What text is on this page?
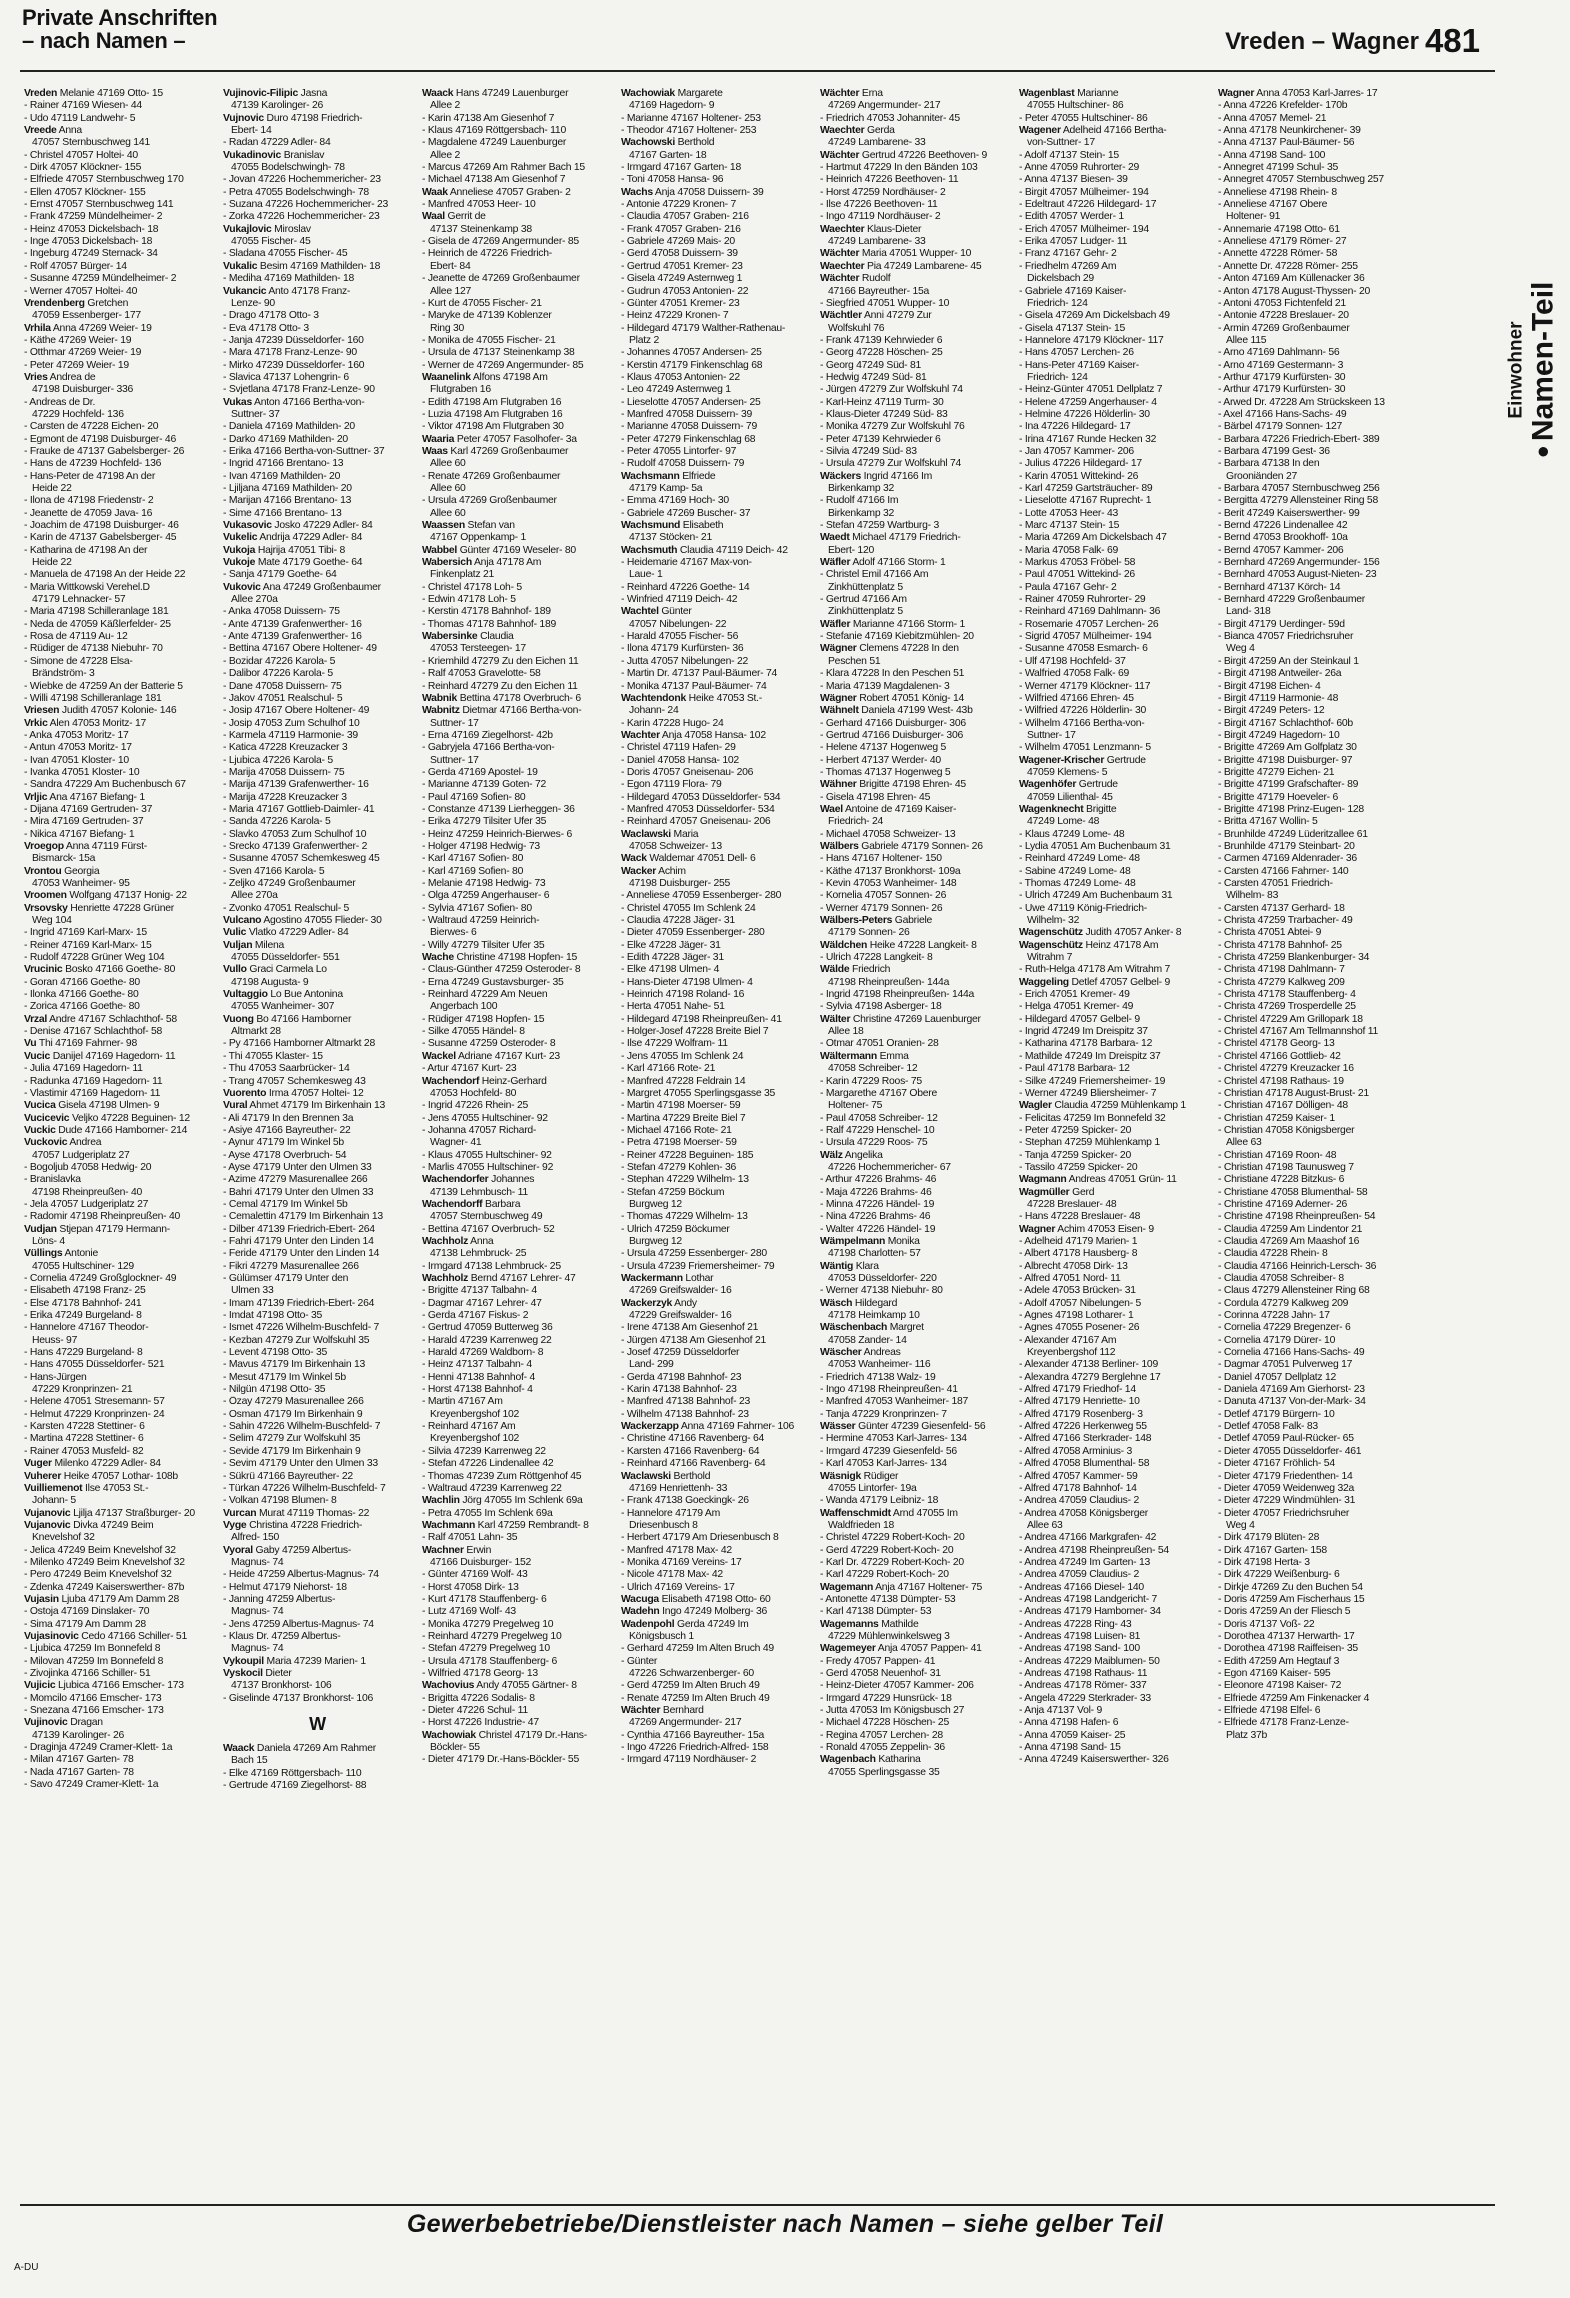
Private Anschriften
– nach Namen –	Vreden – Wagner 481
Einwohner
●Namen-Teil
Vreden Melanie 47169 Otto- 15
- Rainer 47169 Wiesen- 44
- Udo 47119 Landwehr- 5
Vreede Anna
47057 Sternbuschweg 141
- Christel 47057 Holtei- 40
- Dirk 47057 Klöckner- 155
- Elfriede 47057 Sternbuschweg 170
- Ellen 47057 Klöckner- 155
- Ernst 47057 Sternbuschweg 141
- Frank 47259 Mündelheimer- 2
- Heinz 47053 Dickelsbach- 18
- Inge 47053 Dickelsbach- 18
- Ingeburg 47249 Sternack- 34
- Rolf 47057 Bürger- 14
- Susanne 47259 Mündelheimer- 2
- Werner 47057 Holtei- 40
Vrendenberg Gretchen
47059 Essenberger- 177
Vrhila Anna 47269 Weier- 19
- Käthe 47269 Weier- 19
- Otthmar 47269 Weier- 19
- Peter 47269 Weier- 19
Vries Andrea de
47198 Duisburger- 336
- Andreas de Dr.
47229 Hochfeld- 136
- Carsten de 47228 Eichen- 20
- Egmont de 47198 Duisburger- 46
- Frauke de 47137 Gabelsberger- 26
- Hans de 47239 Hochfeld- 136
- Hans-Peter de 47198 An der
Heide 22
- Ilona de 47198 Friedenstr- 2
- Jeanette de 47059 Java- 16
- Joachim de 47198 Duisburger- 46
- Karin de 47137 Gabelsberger- 45
- Katharina de 47198 An der
Heide 22
- Manuela de 47198 An der Heide 22
- Maria Wittkowski Verehel.D
47179 Lehnacker- 57
- Maria 47198 Schilleranlage 181
- Neda de 47059 Käßlerfelder- 25
- Rosa de 47119 Au- 12
- Rüdiger de 47138 Niebuhr- 70
- Simone de 47228 Elsa-
Brändström- 3
- Wiebke de 47259 An der Batterie 5
- Willi 47198 Schilleranlage 181
Vriesen Judith 47057 Kolonie- 146
Vrkic Alen 47053 Moritz- 17
- Anka 47053 Moritz- 17
- Antun 47053 Moritz- 17
- Ivan 47051 Kloster- 10
- Ivanka 47051 Kloster- 10
- Sandra 47229 Am Buchenbusch 67
Vrljic Ana 47167 Biefang- 1
- Dijana 47169 Gertruden- 37
- Mira 47169 Gertruden- 37
- Nikica 47167 Biefang- 1
Vroegop Anna 47119 Fürst-
Bismarck- 15a
Vrontou Georgia
47053 Wanheimer- 95
Vroomen Wolfgang 47137 Honig- 22
Vrsovsky Henriette 47228 Grüner
Weg 104
- Ingrid 47169 Karl-Marx- 15
- Reiner 47169 Karl-Marx- 15
- Rudolf 47228 Grüner Weg 104
Vrucinic Bosko 47166 Goethe- 80
- Goran 47166 Goethe- 80
- Ilonka 47166 Goethe- 80
- Zorica 47166 Goethe- 80
Vrzal Andre 47167 Schlachthof- 58
- Denise 47167 Schlachthof- 58
Vu Thi 47169 Fahrner- 98
Vucic Danijel 47169 Hagedorn- 11
- Julia 47169 Hagedorn- 11
- Radunka 47169 Hagedorn- 11
- Vlastimir 47169 Hagedorn- 11
Vucica Gisela 47198 Ulmen- 9
Vucicevic Veljko 47228 Beguinen- 12
Vuckic Dude 47166 Hamborner- 214
Vuckovic Andrea
47057 Ludgeriplatz 27
- Bogoljub 47058 Hedwig- 20
- Branislavka
47198 Rheinpreußen- 40
- Jela 47057 Ludgeriplatz 27
- Radomir 47198 Rheinpreußen- 40
Vudjan Stjepan 47179 Hermann-
Löns- 4
Vüllings Antonie
47055 Hultschiner- 129
- Cornelia 47249 Großglockner- 49
- Elisabeth 47198 Franz- 25
- Else 47178 Bahnhof- 241
- Erika 47249 Burgeland- 8
- Hannelore 47167 Theodor-
Heuss- 97
- Hans 47229 Burgeland- 8
- Hans 47055 Düsseldorfer- 521
- Hans-Jürgen
47229 Kronprinzen- 21
- Helene 47051 Stresemann- 57
- Helmut 47229 Kronprinzen- 24
- Karsten 47228 Stettiner- 6
- Martina 47228 Stettiner- 6
- Rainer 47053 Musfeld- 82
Vuger Milenko 47229 Adler- 84
Vuherer Heike 47057 Lothar- 108b
Vuilliemenot Ilse 47053 St.-
Johann- 5
Vujanovic Ljilja 47137 Straßburger- 20
Vujanovic Divka 47249 Beim
Knevelshof 32
- Jelica 47249 Beim Knevelshof 32
- Milenko 47249 Beim Knevelshof 32
- Pero 47249 Beim Knevelshof 32
- Zdenka 47249 Kaiserswerther- 87b
Vujasin Ljuba 47179 Am Damm 28
- Ostoja 47169 Dinslaker- 70
- Sima 47179 Am Damm 28
Vujasinovic Cedo 47166 Schiller- 51
- Ljubica 47259 Im Bonnefeld 8
- Milovan 47259 Im Bonnefeld 8
- Zivojinka 47166 Schiller- 51
Vujicic Ljubica 47166 Emscher- 173
- Momcilo 47166 Emscher- 173
- Snezana 47166 Emscher- 173
Vujinovic Dragan
47139 Karolinger- 26
- Draginja 47249 Cramer-Klett- 1a
- Milan 47167 Garten- 78
- Nada 47167 Garten- 78
- Savo 47249 Cramer-Klett- 1a
Vujinovic-Filipic Jasna
47139 Karolinger- 26
Vujnovic Duro 47198 Friedrich-
Ebert- 14
- Radan 47229 Adler- 84
Vukadinovic Branislav
47055 Bodelschwingh- 78
- Jovan 47226 Hochemmericher- 23
- Petra 47055 Bodelschwingh- 78
- Suzana 47226 Hochemmericher- 23
- Zorka 47226 Hochemmericher- 23
Vukajlovic Miroslav
47055 Fischer- 45
- Sladana 47055 Fischer- 45
Vukalic Besim 47169 Mathilden- 18
- Mediha 47169 Mathilden- 18
Vukancic Anto 47178 Franz-
Lenze- 90
- Drago 47178 Otto- 3
- Eva 47178 Otto- 3
- Janja 47239 Düsseldorfer- 160
- Mara 47178 Franz-Lenze- 90
- Mirko 47239 Düsseldorfer- 160
- Slavica 47137 Lohengrin- 6
- Svjetlana 47178 Franz-Lenze- 90
Vukas Anton 47166 Bertha-von-
Suttner- 37
- Daniela 47169 Mathilden- 20
- Darko 47169 Mathilden- 20
- Erika 47166 Bertha-von-Suttner- 37
- Ingrid 47166 Brentano- 13
- Ivan 47169 Mathilden- 20
- Ljiljana 47169 Mathilden- 20
- Marijan 47166 Brentano- 13
- Sime 47166 Brentano- 13
Vukasovic Josko 47229 Adler- 84
Vukelic Andrija 47229 Adler- 84
Vukoja Hajrija 47051 Tibi- 8
Vukoje Mate 47179 Goethe- 64
- Sanja 47179 Goethe- 64
Vukovic Ana 47249 Großenbaumer
Allee 270a
- Anka 47058 Duissern- 75
- Ante 47139 Grafenwerther- 16
- Ante 47139 Grafenwerther- 16
- Bettina 47167 Obere Holtener- 49
- Bozidar 47226 Karola- 5
- Dalibor 47226 Karola- 5
- Dane 47058 Duissern- 75
- Jakov 47051 Realschul- 5
- Josip 47167 Obere Holtener- 49
- Josip 47053 Zum Schulhof 10
- Karmela 47119 Harmonie- 39
- Katica 47228 Kreuzacker 3
- Ljubica 47226 Karola- 5
- Marija 47058 Duissern- 75
- Marija 47139 Grafenwerther- 16
- Marija 47228 Kreuzacker 3
- Maria 47167 Gottlieb-Daimler- 41
- Sanda 47226 Karola- 5
- Slavko 47053 Zum Schulhof 10
- Srecko 47139 Grafenwerther- 2
- Susanne 47057 Schemkesweg 45
- Sven 47166 Karola- 5
- Zeljko 47249 Großenbaumer
Allee 270a
- Zvonko 47051 Realschul- 5
Vulcano Agostino 47055 Flieder- 30
Vulic Vlatko 47229 Adler- 84
Vuljan Milena
47055 Düsseldorfer- 551
Vullo Graci Carmela Lo
47198 Augusta- 9
Vultaggio Lo Bue Antonina
47055 Wanheimer- 307
Vuong Bo 47166 Hamborner
Altmarkt 28
- Py 47166 Hamborner Altmarkt 28
- Thi 47055 Klaster- 15
- Thu 47053 Saarbrücker- 14
- Trang 47057 Schemkesweg 43
Vuorento Irma 47057 Holtei- 12
Vural Ahmet 47179 Im Birkenhain 13
- Ali 47179 In den Brennen 3a
- Asiye 47166 Bayreuther- 22
- Aynur 47179 Im Winkel 5b
- Ayse 47178 Overbruch- 54
- Ayse 47179 Unter den Ulmen 33
- Azime 47279 Masurenallee 266
- Bahri 47179 Unter den Ulmen 33
- Cemal 47179 Im Winkel 5b
- Cemalettin 47179 Im Birkenhain 13
- Dilber 47139 Friedrich-Ebert- 264
- Fahri 47179 Unter den Linden 14
- Feride 47179 Unter den Linden 14
- Fikri 47279 Masurenallee 266
- Gülümser 47179 Unter den
Ulmen 33
- Imam 47139 Friedrich-Ebert- 264
- Imdat 47198 Otto- 35
- Ismet 47226 Wilhelm-Buschfeld- 7
- Kezban 47279 Zur Wolfskuhl 35
- Levent 47198 Otto- 35
- Mavus 47179 Im Birkenhain 13
- Mesut 47179 Im Winkel 5b
- Nilgün 47198 Otto- 35
- Özay 47279 Masurenallee 266
- Osman 47179 Im Birkenhain 9
- Sahin 47226 Wilhelm-Buschfeld- 7
- Selim 47279 Zur Wolfskuhl 35
- Sevide 47179 Im Birkenhain 9
- Sevim 47179 Unter den Ulmen 33
- Sükrü 47166 Bayreuther- 22
- Türkan 47226 Wilhelm-Buschfeld- 7
- Volkan 47198 Blumen- 8
Vurcan Murat 47119 Thomas- 22
Vyge Christina 47228 Friedrich-
Alfred- 150
Vyoral Gaby 47259 Albertus-
Magnus- 74
- Heide 47259 Albertus-Magnus- 74
- Helmut 47179 Niehorst- 18
- Janning 47259 Albertus-
Magnus- 74
- Jens 47259 Albertus-Magnus- 74
- Klaus Dr. 47259 Albertus-
Magnus- 74
Vykoupil Maria 47239 Marien- 1
Vyskocil Dieter
47137 Bronkhorst- 106
- Giselinde 47137 Bronkhorst- 106
W
Waack Daniela 47269 Am Rahmer
Bach 15
- Elke 47169 Röttgersbach- 110
- Gertrude 47169 Ziegelhorst- 88
Waack Hans 47249 Lauenburger
Allee 2
- Karin 47138 Am Giesenhof 7
- Klaus 47169 Röttgersbach- 110
- Magdalene 47249 Lauenburger
Allee 2
- Marcus 47269 Am Rahmer Bach 15
- Michael 47138 Am Giesenhof 7
Waak Anneliese 47057 Graben- 2
- Manfred 47053 Heer- 10
Waal Gerrit de
47137 Steinenkamp 38
- Gisela de 47269 Angermunder- 85
- Heinrich de 47226 Friedrich-
Ebert- 84
- Jeanette de 47269 Großenbaumer
Allee 127
- Kurt de 47055 Fischer- 21
- Maryke de 47139 Koblenzer
Ring 30
- Monika de 47055 Fischer- 21
- Ursula de 47137 Steinenkamp 38
- Werner de 47269 Angermunder- 85
Waanelink Alfons 47198 Am
Flutgraben 16
- Edith 47198 Am Flutgraben 16
- Luzia 47198 Am Flutgraben 16
- Viktor 47198 Am Flutgraben 30
Waaria Peter 47057 Fasolhofer- 3a
Waas Karl 47269 Großenbaumer
Allee 60
- Renate 47269 Großenbaumer
Allee 60
- Ursula 47269 Großenbaumer
Allee 60
Waassen Stefan van
47167 Oppenkamp- 1
Wabbel Günter 47169 Weseler- 80
Wabersich Anja 47178 Am
Finkenplatz 21
- Christel 47178 Loh- 5
- Edwin 47178 Loh- 5
- Kerstin 47178 Bahnhof- 189
- Thomas 47178 Bahnhof- 189
Wabersinke Claudia
47053 Tersteegen- 17
- Kriemhild 47279 Zu den Eichen 11
- Ralf 47053 Gravelotte- 58
- Reinhard 47279 Zu den Eichen 11
Wabnik Bettina 47178 Overbruch- 6
Wabnitz Dietmar 47166 Bertha-von-
Suttner- 17
- Erna 47169 Ziegelhorst- 42b
- Gabryjela 47166 Bertha-von-
Suttner- 17
- Gerda 47169 Apostel- 19
- Marianne 47139 Goten- 72
- Paul 47169 Sofien- 80
- Constanze 47139 Lierheggen- 36
- Erika 47279 Tilsiter Ufer 35
- Heinz 47259 Heinrich-Bierwes- 6
- Holger 47198 Hedwig- 73
- Karl 47167 Sofien- 80
- Karl 47169 Sofien- 80
- Melanie 47198 Hedwig- 73
- Olga 47259 Angerhauser- 6
- Sylvia 47167 Sofien- 80
- Waltraud 47259 Heinrich-
Bierwes- 6
- Willy 47279 Tilsiter Ufer 35
Wache Christine 47198 Hopfen- 15
- Claus-Günther 47259 Osteroder- 8
- Erna 47249 Gustavsburger- 35
- Reinhard 47229 Am Neuen
Angerbach 100
- Rüdiger 47198 Hopfen- 15
- Silke 47055 Händel- 8
- Susanne 47259 Osteroder- 8
Wackel Adriane 47167 Kurt- 23
- Artur 47167 Kurt- 23
Wachendorf Heinz-Gerhard
47053 Hochfeld- 80
- Ingrid 47226 Rhein- 25
- Jens 47055 Hultschiner- 92
- Johanna 47057 Richard-
Wagner- 41
- Klaus 47055 Hultschiner- 92
- Marlis 47055 Hultschiner- 92
Wachendorfer Johannes
47139 Lehmbusch- 11
Wachendorff Barbara
47057 Sternbuschweg 49
- Bettina 47167 Overbruch- 52
Wachholz Anna
47138 Lehmbruck- 25
- Irmgard 47138 Lehmbruck- 25
Wachholz Bernd 47167 Lehrer- 47
- Brigitte 47137 Talbahn- 4
- Dagmar 47167 Lehrer- 47
- Gerda 47167 Fiskus- 2
- Gertrud 47059 Butterweg 36
- Harald 47239 Karrenweg 22
- Harald 47269 Waldborn- 8
- Heinz 47137 Talbahn- 4
- Henni 47138 Bahnhof- 4
- Horst 47138 Bahnhof- 4
- Martin 47167 Am
Kreyenbergshof 102
- Reinhard 47167 Am
Kreyenbergshof 102
- Silvia 47239 Karrenweg 22
- Stefan 47226 Lindenallee 42
- Thomas 47239 Zum Röttgenhof 45
- Waltraud 47239 Karrenweg 22
Wachlin Jörg 47055 Im Schlenk 69a
- Petra 47055 Im Schlenk 69a
Wachmann Karl 47259 Rembrandt- 8
- Ralf 47051 Lahn- 35
Wachner Erwin
47166 Duisburger- 152
- Günter 47169 Wolf- 43
- Horst 47058 Dirk- 13
- Kurt 47178 Stauffenberg- 6
- Lutz 47169 Wolf- 43
- Monika 47279 Pregelweg 10
- Reinhard 47279 Pregelweg 10
- Stefan 47279 Pregelweg 10
- Ursula 47178 Stauffenberg- 6
- Wilfried 47178 Georg- 13
Wachovius Andy 47055 Gärtner- 8
- Brigitta 47226 Sodalis- 8
- Dieter 47226 Schul- 11
- Horst 47226 Industrie- 47
Wachowiak Christel 47179 Dr.-Hans-
Böckler- 55
- Dieter 47179 Dr.-Hans-Böckler- 55
Wachowiak Margarete
47169 Hagedorn- 9
- Marianne 47167 Holtener- 253
- Theodor 47167 Holtener- 253
Wachowski Berthold
47167 Garten- 18
- Irmgard 47167 Garten- 18
- Toni 47058 Hansa- 96
Wachs Anja 47058 Duissern- 39
- Antonie 47229 Kronen- 7
- Claudia 47057 Graben- 216
- Frank 47057 Graben- 216
- Gabriele 47269 Mais- 20
- Gerd 47058 Duissern- 39
- Gertrud 47051 Kremer- 23
- Gisela 47249 Asternweg 1
- Gudrun 47053 Antonien- 22
- Günter 47051 Kremer- 23
- Heinz 47229 Kronen- 7
- Hildegard 47179 Walther-Rathenau-
Platz 2
- Johannes 47057 Andersen- 25
- Kerstin 47179 Finkenschlag 68
- Klaus 47053 Antonien- 22
- Leo 47249 Asternweg 1
- Lieselotte 47057 Andersen- 25
- Manfred 47058 Duissern- 39
- Marianne 47058 Duissern- 79
- Peter 47279 Finkenschlag 68
- Peter 47055 Lintorfer- 97
- Rudolf 47058 Duissern- 79
Wachsmann Elfriede
47179 Kamp- 5a
- Emma 47169 Hoch- 30
- Gabriele 47269 Buscher- 37
Wachsmund Elisabeth
47137 Stöcken- 21
Wachsmuth Claudia 47119 Deich- 42
- Heidemarie 47167 Max-von-
Laue- 1
- Reinhard 47226 Goethe- 14
- Winfried 47119 Deich- 42
Wachtel Günter
47057 Nibelungen- 22
- Harald 47055 Fischer- 56
- Ilona 47179 Kurfürsten- 36
- Jutta 47057 Nibelungen- 22
- Martin Dr. 47137 Paul-Bäumer- 74
- Monika 47137 Paul-Bäumer- 74
Wachtendonk Heike 47053 St.-
Johann- 24
- Karin 47228 Hugo- 24
Wachter Anja 47058 Hansa- 102
- Christel 47119 Hafen- 29
- Daniel 47058 Hansa- 102
- Doris 47057 Gneisenau- 206
- Egon 47119 Flora- 79
- Hildegard 47053 Düsseldorfer- 534
- Manfred 47053 Düsseldorfer- 534
- Reinhard 47057 Gneisenau- 206
Waclawski Maria
47058 Schweizer- 13
Wack Waldemar 47051 Dell- 6
Wacker Achim
47198 Duisburger- 255
- Anneliese 47059 Essenberger- 280
- Christel 47055 Im Schlenk 24
- Claudia 47228 Jäger- 31
- Dieter 47059 Essenberger- 280
- Elke 47228 Jäger- 31
- Edith 47228 Jäger- 31
- Elke 47198 Ulmen- 4
- Hans-Dieter 47198 Ulmen- 4
- Heinrich 47198 Roland- 16
- Herta 47051 Nahe- 51
- Hildegard 47198 Rheinpreußen- 41
- Holger-Josef 47228 Breite Biel 7
- Ilse 47229 Wolfram- 11
- Jens 47055 Im Schlenk 24
- Karl 47166 Rote- 21
- Manfred 47228 Feldrain 14
- Margret 47055 Sperlingsgasse 35
- Martin 47198 Moerser- 59
- Martina 47229 Breite Biel 7
- Michael 47166 Rote- 21
- Petra 47198 Moerser- 59
- Reiner 47228 Beguinen- 185
- Stefan 47279 Kohlen- 36
- Stephan 47229 Wilhelm- 13
- Stefan 47259 Böckum
Burgweg 12
- Thomas 47229 Wilhelm- 13
- Ulrich 47259 Böckumer
Burgweg 12
- Ursula 47259 Essenberger- 280
- Ursula 47239 Friemersheimer- 79
Wackermann Lothar
47269 Greifswalder- 16
Wackerzyk Andy
47229 Greifswalder- 16
- Irene 47138 Am Giesenhof 21
- Jürgen 47138 Am Giesenhof 21
- Josef 47259 Düsseldorfer
Land- 299
- Gerda 47198 Bahnhof- 23
- Karin 47138 Bahnhof- 23
- Manfred 47138 Bahnhof- 23
- Wilhelm 47138 Bahnhof- 23
Wackerzapp Anna 47169 Fahrner- 106
- Christine 47166 Ravenberg- 64
- Karsten 47166 Ravenberg- 64
- Reinhard 47166 Ravenberg- 64
Waclawski Berthold
47169 Henriettenh- 33
- Frank 47138 Goeckingk- 26
- Hannelore 47179 Am
Driesenbusch 8
- Herbert 47179 Am Driesenbusch 8
- Manfred 47178 Max- 42
- Monika 47169 Vereins- 17
- Nicole 47178 Max- 42
- Ulrich 47169 Vereins- 17
Wacuga Elisabeth 47198 Otto- 60
Wadehn Ingo 47249 Molberg- 36
Wadenpohl Gerda 47249 Im
Königsbusch 1
- Gerhard 47259 Im Alten Bruch 49
- Günter
47226 Schwarzenberger- 60
- Gerd 47259 Im Alten Bruch 49
- Renate 47259 Im Alten Bruch 49
Wächter Bernhard
47269 Angermunder- 217
- Cynthia 47166 Bayreuther- 15a
- Ingo 47226 Friedrich-Alfred- 158
- Irmgard 47119 Nordhäuser- 2
Wächter Erna
47269 Angermunder- 217
- Friedrich 47053 Johanniter- 45
Waechter Gerda
47249 Lambarene- 33
Wächter Gertrud 47226 Beethoven- 9
- Hartmut 47229 In den Bänden 103
- Heinrich 47226 Beethoven- 11
- Horst 47259 Nordhäuser- 2
- Ilse 47226 Beethoven- 11
- Ingo 47119 Nordhäuser- 2
Waechter Klaus-Dieter
47249 Lambarene- 33
Wächter Maria 47051 Wupper- 10
Waechter Pia 47249 Lambarene- 45
Wächter Rudolf
47166 Bayreuther- 15a
- Siegfried 47051 Wupper- 10
Wächtler Anni 47279 Zur
Wolfskuhl 76
- Frank 47139 Kehrwieder 6
- Georg 47228 Höschen- 25
- Georg 47249 Süd- 81
- Hedwig 47249 Süd- 81
- Jürgen 47279 Zur Wolfskuhl 74
- Karl-Heinz 47119 Turm- 30
- Klaus-Dieter 47249 Süd- 83
- Monika 47279 Zur Wolfskuhl 76
- Peter 47139 Kehrwieder 6
- Silvia 47249 Süd- 83
- Ursula 47279 Zur Wolfskuhl 74
Wäckers Ingrid 47166 Im
Birkenkamp 32
- Rudolf 47166 Im
Birkenkamp 32
- Stefan 47259 Wartburg- 3
Waedt Michael 47179 Friedrich-
Ebert- 120
Wäfler Adolf 47166 Storm- 1
- Christel Emil 47166 Am
Zinkhüttenplatz 5
- Gertrud 47166 Am
Zinkhüttenplatz 5
Wäfler Marianne 47166 Storm- 1
- Stefanie 47169 Kiebitzmühlen- 20
Wägner Clemens 47228 In den
Peschen 51
- Klara 47228 In den Peschen 51
- Maria 47139 Magdalenen- 3
Wägner Robert 47051 König- 14
Wähnelt Daniela 47199 West- 43b
- Gerhard 47166 Duisburger- 306
- Gertrud 47166 Duisburger- 306
- Helene 47137 Hogenweg 5
- Herbert 47137 Werder- 40
- Thomas 47137 Hogenweg 5
Wähner Brigitte 47198 Ehren- 45
- Gisela 47198 Ehren- 45
Wael Antoine de 47169 Kaiser-
Friedrich- 24
- Michael 47058 Schweizer- 13
Wälbers Gabriele 47179 Sonnen- 26
- Hans 47167 Holtener- 150
- Käthe 47137 Bronkhorst- 109a
- Kevin 47053 Wanheimer- 148
- Kornelia 47057 Sonnen- 26
- Werner 47179 Sonnen- 26
Wälbers-Peters Gabriele
47179 Sonnen- 26
Wäldchen Heike 47228 Langkeit- 8
- Ulrich 47228 Langkeit- 8
Wälde Friedrich
47198 Rheinpreußen- 144a
- Ingrid 47198 Rheinpreußen- 144a
- Sylvia 47198 Asberger- 18
Wälter Christine 47269 Lauenburger
Allee 18
- Otmar 47051 Oranien- 28
Wältermann Emma
47058 Schreiber- 12
- Karin 47229 Roos- 75
- Margarethe 47167 Obere
Holtener- 75
- Paul 47058 Schreiber- 12
- Ralf 47229 Henschel- 10
- Ursula 47229 Roos- 75
Wälz Angelika
47226 Hochemmericher- 67
- Arthur 47226 Brahms- 46
- Maja 47226 Brahms- 46
- Minna 47226 Händel- 19
- Nina 47226 Brahms- 46
- Walter 47226 Händel- 19
Wämpelmann Monika
47198 Charlotten- 57
Wäntig Klara
47053 Düsseldorfer- 220
- Werner 47138 Niebuhr- 80
Wäsch Hildegard
47178 Heimkamp 10
Wäschenbach Margret
47058 Zander- 14
Wäscher Andreas
47053 Wanheimer- 116
- Friedrich 47138 Walz- 19
- Ingo 47198 Rheinpreußen- 41
- Manfred 47053 Wanheimer- 187
- Tanja 47229 Kronprinzen- 7
Wässer Günter 47239 Giesenfeld- 56
- Hermine 47053 Karl-Jarres- 134
- Irmgard 47239 Giesenfeld- 56
- Karl 47053 Karl-Jarres- 134
Wäsnigk Rüdiger
47055 Lintorfer- 19a
- Wanda 47179 Leibniz- 18
Waffenschmidt Arnd 47055 Im
Waldfrieden 18
- Christel 47229 Robert-Koch- 20
- Gerd 47229 Robert-Koch- 20
- Karl Dr. 47229 Robert-Koch- 20
- Karl 47229 Robert-Koch- 20
Wagemann Anja 47167 Holtener- 75
- Antonette 47138 Dümpter- 53
- Karl 47138 Dümpter- 53
Wagemanns Mathilde
47229 Mühlenwinkelsweg 3
Wagemeyer Anja 47057 Pappen- 41
- Fredy 47057 Pappen- 41
- Gerd 47058 Neuenhof- 31
- Heinz-Dieter 47057 Kammer- 206
- Irmgard 47229 Hunsrück- 18
- Jutta 47053 Im Königsbusch 27
- Michael 47228 Höschen- 25
- Regina 47057 Lerchen- 28
- Ronald 47055 Zeppelin- 36
Wagenbach Katharina
47055 Sperlingsgasse 35
Wagenblast Marianne
47055 Hultschiner- 86
- Peter 47055 Hultschiner- 86
Wagener Adelheid 47166 Bertha-
von-Suttner- 17
- Adolf 47137 Stein- 15
- Anne 47059 Ruhrorter- 29
- Anna 47137 Biesen- 39
- Birgit 47057 Mülheimer- 194
- Edeltraut 47226 Hildegard- 17
- Edith 47057 Werder- 1
- Erich 47057 Mülheimer- 194
- Erika 47057 Ludger- 11
- Franz 47167 Gehr- 2
- Friedhelm 47269 Am
Dickelsbach 29
- Gabriele 47169 Kaiser-
Friedrich- 124
- Gisela 47269 Am Dickelsbach 49
- Gisela 47137 Stein- 15
- Hannelore 47179 Klöckner- 117
- Hans 47057 Lerchen- 26
- Hans-Peter 47169 Kaiser-
Friedrich- 124
- Heinz-Günter 47051 Dellplatz 7
- Helene 47259 Angerhauser- 4
- Helmine 47226 Hölderlin- 30
- Ina 47226 Hildegard- 17
- Irina 47167 Runde Hecken 32
- Jan 47057 Kammer- 206
- Julius 47226 Hildegard- 17
- Karin 47051 Wittekind- 26
- Karl 47259 Gartsträucher- 89
- Lieselotte 47167 Ruprecht- 1
- Lotte 47053 Heer- 43
- Marc 47137 Stein- 15
- Maria 47269 Am Dickelsbach 47
- Maria 47058 Falk- 69
- Markus 47053 Fröbel- 58
- Paul 47051 Wittekind- 26
- Paula 47167 Gehr- 2
- Rainer 47059 Ruhrorter- 29
- Reinhard 47169 Dahlmann- 36
- Rosemarie 47057 Lerchen- 26
- Sigrid 47057 Mülheimer- 194
- Susanne 47058 Esmarch- 6
- Ulf 47198 Hochfeld- 37
- Walfried 47058 Falk- 69
- Werner 47179 Klöckner- 117
- Wilfried 47166 Ehren- 45
- Wilfried 47226 Hölderlin- 30
- Wilhelm 47166 Bertha-von-
Suttner- 17
- Wilhelm 47051 Lenzmann- 5
Wagener-Krischer Gertrude
47059 Klemens- 5
Wagenhöfer Gertrude
47059 Lilienthal- 45
Wagenknecht Brigitte
47249 Lome- 48
- Klaus 47249 Lome- 48
- Lydia 47051 Am Buchenbaum 31
- Reinhard 47249 Lome- 48
- Sabine 47249 Lome- 48
- Thomas 47249 Lome- 48
- Ulrich 47249 Am Buchenbaum 31
- Uwe 47119 König-Friedrich-
Wilhelm- 32
Wagenschütz Judith 47057 Anker- 8
Wagenschütz Heinz 47178 Am
Witrahm 7
- Ruth-Helga 47178 Am Witrahm 7
Waggeling Detlef 47057 Gelbel- 9
- Erich 47051 Kremer- 49
- Helga 47051 Kremer- 49
- Hildegard 47057 Gelbel- 9
- Ingrid 47249 Im Dreispitz 37
- Katharina 47178 Barbara- 12
- Mathilde 47249 Im Dreispitz 37
- Paul 47178 Barbara- 12
- Silke 47249 Friemersheimer- 19
- Werner 47249 Bliersheimer- 7
Wagler Claudia 47259 Mühlenkamp 1
- Felicitas 47259 Im Bonnefeld 32
- Peter 47259 Spicker- 20
- Stephan 47259 Mühlenkamp 1
- Tanja 47259 Spicker- 20
- Tassilo 47259 Spicker- 20
Wagmann Andreas 47051 Grün- 11
Wagmüller Gerd
47228 Breslauer- 48
- Hans 47228 Breslauer- 48
Wagner Achim 47053 Eisen- 9
- Adelheid 47179 Marien- 1
- Albert 47178 Hausberg- 8
- Albrecht 47058 Dirk- 13
- Alfred 47051 Nord- 11
- Adele 47053 Brücken- 31
- Adolf 47057 Nibelungen- 5
- Agnes 47198 Lotharer- 1
- Agnes 47055 Posener- 26
- Alexander 47167 Am
Kreyenbergshof 112
- Alexander 47138 Berliner- 109
- Alexandra 47279 Berglehne 17
- Alfred 47179 Friedhof- 14
- Alfred 47179 Henriette- 10
- Alfred 47179 Rosenberg- 3
- Alfred 47226 Herkenweg 55
- Alfred 47166 Sterkrader- 148
- Alfred 47058 Arminius- 3
- Alfred 47058 Blumenthal- 58
- Alfred 47057 Kammer- 59
- Alfred 47178 Bahnhof- 14
- Andrea 47059 Claudius- 2
- Andrea 47058 Königsberger
Allee 63
- Andrea 47166 Markgrafen- 42
- Andrea 47198 Rheinpreußen- 54
- Andrea 47249 Im Garten- 13
- Andrea 47059 Claudius- 2
- Andreas 47166 Diesel- 140
- Andreas 47198 Landgericht- 7
- Andreas 47179 Hamborner- 34
- Andreas 47228 Ring- 43
- Andreas 47198 Luisen- 81
- Andreas 47198 Sand- 100
- Andreas 47229 Maiblumen- 50
- Andreas 47198 Rathaus- 11
- Andreas 47178 Römer- 337
- Angela 47229 Sterkrader- 33
- Anja 47137 Vol- 9
- Anna 47198 Hafen- 6
- Anna 47059 Kaiser- 25
- Anna 47198 Sand- 15
- Anna 47249 Kaiserswerther- 326
Wagner Anna 47053 Karl-Jarres- 17
- Anna 47226 Krefelder- 170b
- Anna 47057 Memel- 21
- Anna 47178 Neunkirchener- 39
- Anna 47137 Paul-Bäumer- 56
- Anna 47198 Sand- 100
- Annegret 47199 Schul- 35
- Annegret 47057 Sternbuschweg 257
- Anneliese 47198 Rhein- 8
- Anneliese 47167 Obere
Holtener- 91
- Annemarie 47198 Otto- 61
- Anneliese 47179 Römer- 27
- Annette 47228 Römer- 58
- Annette Dr. 47228 Römer- 255
- Anton 47169 Am Küllenacker 36
- Anton 47178 August-Thyssen- 20
- Antoni 47053 Fichtenfeld 21
- Antonie 47228 Breslauer- 20
- Armin 47269 Großenbaumer
Allee 115
- Arno 47169 Dahlmann- 56
- Arno 47169 Gestermann- 3
- Arthur 47179 Kurfürsten- 30
- Arthur 47179 Kurfürsten- 30
- Arwed Dr. 47228 Am Strückskeen 13
- Axel 47166 Hans-Sachs- 49
- Bärbel 47179 Sonnen- 127
- Barbara 47226 Friedrich-Ebert- 389
- Barbara 47199 Gest- 36
- Barbara 47138 In den
Grooniänden 27
- Barbara 47057 Sternbuschweg 256
- Bergitta 47279 Allensteiner Ring 58
- Berit 47249 Kaiserswerther- 99
- Bernd 47226 Lindenallee 42
- Bernd 47053 Brookhoff- 10a
- Bernd 47057 Kammer- 206
- Bernhard 47269 Angermunder- 156
- Bernhard 47053 August-Nieten- 23
- Bernhard 47137 Körch- 14
- Bernhard 47229 Großenbaumer
Land- 318
- Birgit 47179 Uerdinger- 59d
- Bianca 47057 Friedrichsruher
Weg 4
- Birgit 47259 An der Steinkaul 1
- Birgit 47198 Antweiler- 26a
- Birgit 47198 Eichen- 4
- Birgit 47119 Harmonie- 48
- Birgit 47249 Peters- 12
- Birgit 47167 Schlachthof- 60b
- Birgit 47249 Hagedorn- 10
- Brigitte 47269 Am Golfplatz 30
- Brigitte 47198 Duisburger- 97
- Brigitte 47279 Eichen- 21
- Brigitte 47199 Grafschafter- 89
- Brigitte 47179 Hoeveler- 6
- Brigitte 47198 Prinz-Eugen- 128
- Britta 47167 Wollin- 5
- Brunhilde 47249 Lüderitzallee 61
- Brunhilde 47179 Steinbart- 20
- Carmen 47169 Aldenrader- 36
- Carsten 47166 Fahrner- 140
- Carsten 47051 Friedrich-
Wilhelm- 83
- Carsten 47137 Gerhard- 18
- Christa 47259 Trarbacher- 49
- Christa 47051 Abtei- 9
- Christa 47178 Bahnhof- 25
- Christa 47259 Blankenburger- 34
- Christa 47198 Dahlmann- 7
- Christa 47279 Kalkweg 209
- Christa 47178 Stauffenberg- 4
- Christa 47269 Trosperdelle 25
- Christel 47229 Am Grillopark 18
- Christel 47167 Am Tellmannshof 11
- Christel 47178 Georg- 13
- Christel 47166 Gottlieb- 42
- Christel 47279 Kreuzacker 16
- Christel 47198 Rathaus- 19
- Christian 47178 August-Brust- 21
- Christian 47167 Dölligen- 48
- Christian 47259 Kaiser- 1
- Christian 47058 Königsberger
Allee 63
- Christian 47169 Roon- 48
- Christian 47198 Taunusweg 7
- Christiane 47228 Bitzkus- 6
- Christiane 47058 Blumenthal- 58
- Christine 47169 Aderner- 26
- Christine 47198 Rheinpreußen- 54
- Claudia 47259 Am Lindentor 21
- Claudia 47269 Am Maashof 16
- Claudia 47228 Rhein- 8
- Claudia 47166 Heinrich-Lersch- 36
- Claudia 47058 Schreiber- 8
- Claus 47279 Allensteiner Ring 68
- Cordula 47279 Kalkweg 209
- Corinna 47228 Jahn- 17
- Cornelia 47229 Bregenzer- 6
- Cornelia 47179 Dürer- 10
- Cornelia 47166 Hans-Sachs- 49
- Dagmar 47051 Pulverweg 17
- Daniel 47057 Dellplatz 12
- Daniela 47169 Am Gierhorst- 23
- Danuta 47137 Von-der-Mark- 34
- Detlef 47179 Bürgern- 10
- Detlef 47058 Falk- 83
- Detlef 47059 Paul-Rücker- 65
- Dieter 47055 Düsseldorfer- 461
- Dieter 47167 Fröhlich- 54
- Dieter 47179 Friedenthen- 14
- Dieter 47059 Weidenweg 32a
- Dieter 47229 Windmühlen- 31
- Dieter 47057 Friedrichsruher
Weg 4
- Dirk 47179 Blüten- 28
- Dirk 47167 Garten- 158
- Dirk 47198 Herta- 3
- Dirk 47229 Weißenburg- 6
- Dirkje 47269 Zu den Buchen 54
- Doris 47259 Am Fischerhaus 15
- Doris 47259 An der Fliesch 5
- Doris 47137 Voß- 22
- Dorothea 47137 Herwarth- 17
- Dorothea 47198 Raiffeisen- 35
- Edith 47259 Am Hegtauf 3
- Egon 47169 Kaiser- 595
- Eleonore 47198 Kaiser- 72
- Elfriede 47259 Am Finkenacker 4
- Elfriede 47198 Elfel- 6
- Elfriede 47178 Franz-Lenze-
Platz 37b
Gewerbebetriebe/Dienstleister nach Namen – siehe gelber Teil
A-DU
